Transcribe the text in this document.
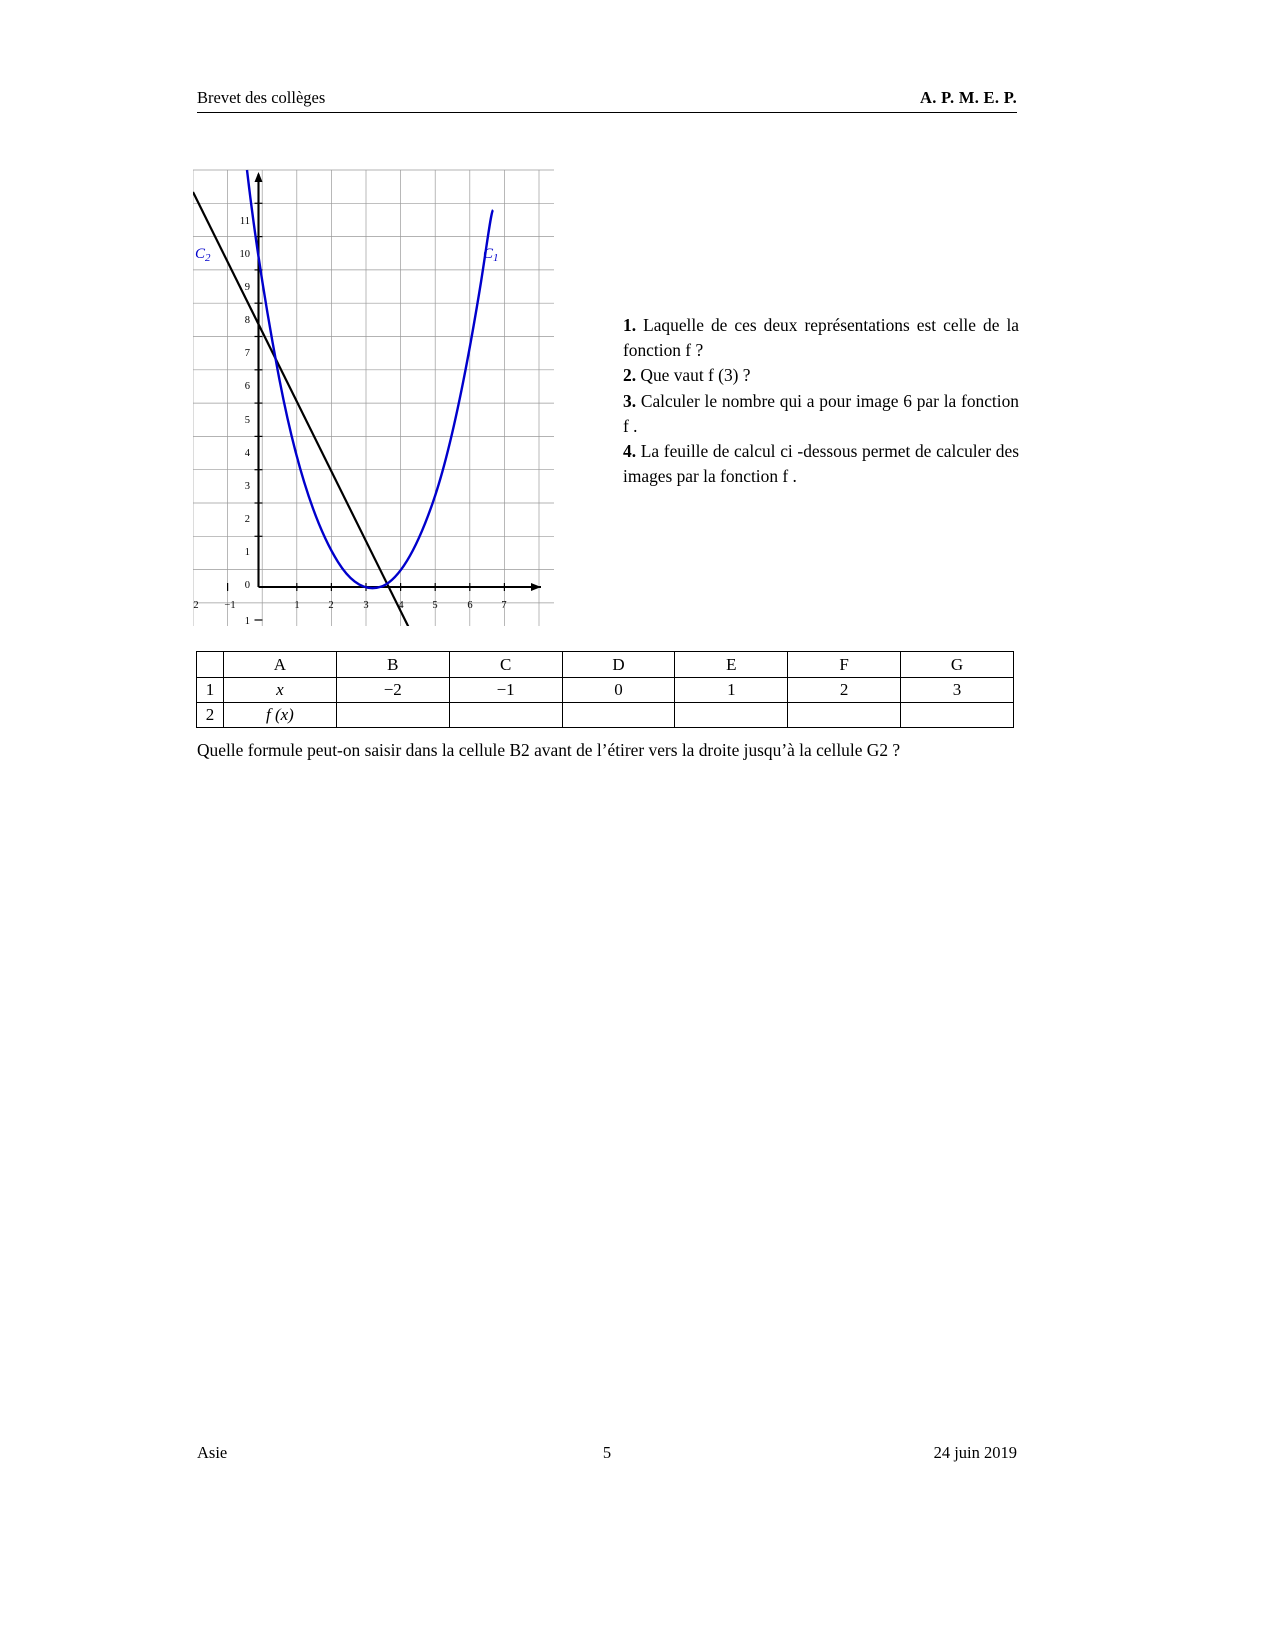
Brevet des collèges	A. P. M. E. P.
11
10
9
8
7
6
5
4
3
2
1
0
1
2 −1	1	2	3	4	5	6	7
$C_2$	$C_1$

1. Laquelle de ces deux représentations est celle de la fonction f ?

2. Que vaut f (3) ?

3. Calculer le nombre qui a pour image 6 par la fonction f .

4. La feuille de calcul ci -dessous permet de calculer des images par la fonction f .

	A	B	C	D	E	F	G
1	x	−2	−1	0	1	2	3
2	f (x)						
Quelle formule peut-on saisir dans la cellule B2 avant de l’étirer vers la droite jusqu’à la cellule G2 ?
Asie	5	24 juin 2019
